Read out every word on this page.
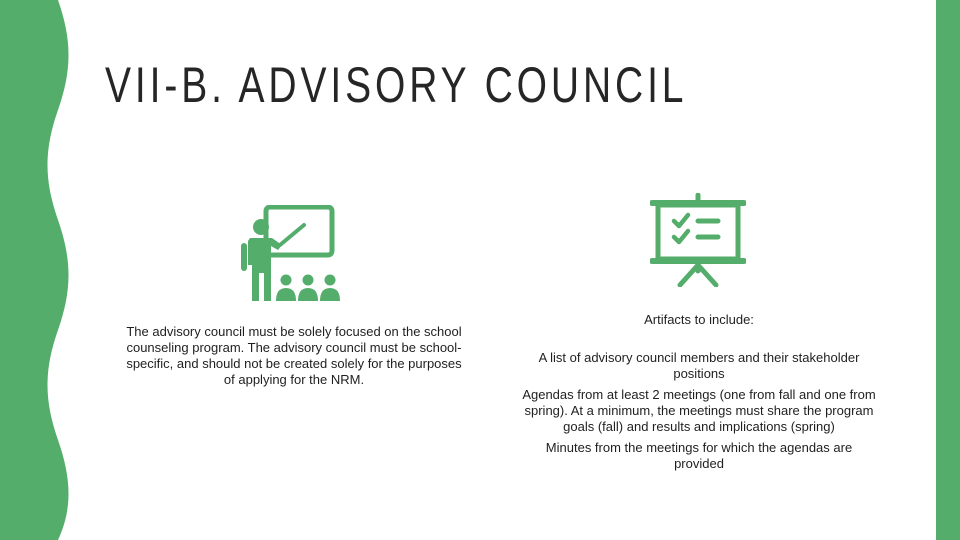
VII-B. ADVISORY COUNCIL

The advisory council must be solely focused on the school counseling program. The advisory council must be school-specific, and should not be created solely for the purposes of applying for the NRM.

Artifacts to include:

A list of advisory council members and their stakeholder positions

Agendas from at least 2 meetings (one from fall and one from spring). At a minimum, the meetings must share the program goals (fall) and results and implications (spring)

Minutes from the meetings for which the agendas are provided
